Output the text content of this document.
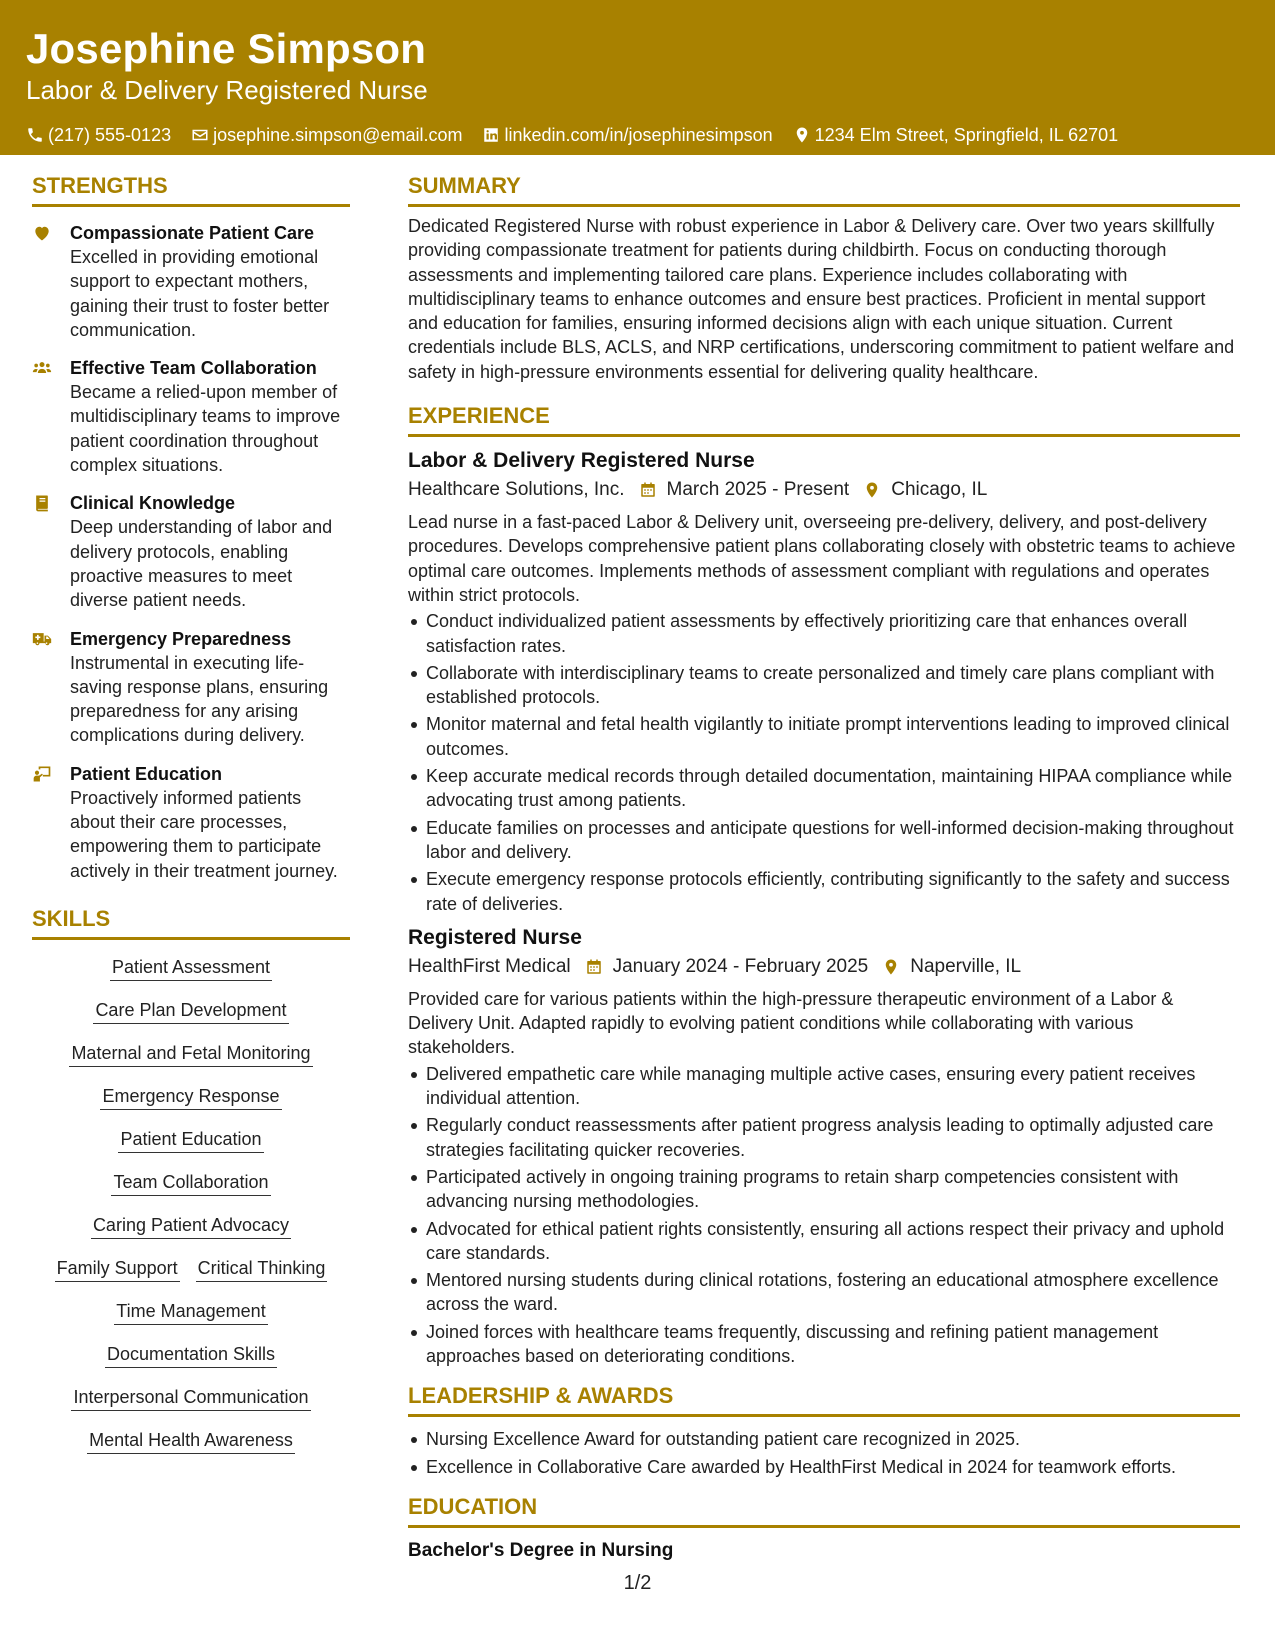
Josephine Simpson
Labor & Delivery Registered Nurse
(217) 555-0123 josephine.simpson@email.com linkedin.com/in/josephinesimpson 1234 Elm Street, Springfield, IL 62701
STRENGTHS
Compassionate Patient Care
Excelled in providing emotional support to expectant mothers, gaining their trust to foster better communication.
Effective Team Collaboration
Became a relied-upon member of multidisciplinary teams to improve patient coordination throughout complex situations.
Clinical Knowledge
Deep understanding of labor and delivery protocols, enabling proactive measures to meet diverse patient needs.
Emergency Preparedness
Instrumental in executing life-saving response plans, ensuring preparedness for any arising complications during delivery.
Patient Education
Proactively informed patients about their care processes, empowering them to participate actively in their treatment journey.
SKILLS
Patient Assessment
Care Plan Development
Maternal and Fetal Monitoring
Emergency Response
Patient Education
Team Collaboration
Caring Patient Advocacy
Family Support Critical Thinking
Time Management
Documentation Skills
Interpersonal Communication
Mental Health Awareness
SUMMARY
Dedicated Registered Nurse with robust experience in Labor & Delivery care. Over two years skillfully providing compassionate treatment for patients during childbirth. Focus on conducting thorough assessments and implementing tailored care plans. Experience includes collaborating with multidisciplinary teams to enhance outcomes and ensure best practices. Proficient in mental support and education for families, ensuring informed decisions align with each unique situation. Current credentials include BLS, ACLS, and NRP certifications, underscoring commitment to patient welfare and safety in high-pressure environments essential for delivering quality healthcare.
EXPERIENCE
Labor & Delivery Registered Nurse
Healthcare Solutions, Inc. March 2025 - Present Chicago, IL
Lead nurse in a fast-paced Labor & Delivery unit, overseeing pre-delivery, delivery, and post-delivery procedures. Develops comprehensive patient plans collaborating closely with obstetric teams to achieve optimal care outcomes. Implements methods of assessment compliant with regulations and operates within strict protocols.
Conduct individualized patient assessments by effectively prioritizing care that enhances overall satisfaction rates.
Collaborate with interdisciplinary teams to create personalized and timely care plans compliant with established protocols.
Monitor maternal and fetal health vigilantly to initiate prompt interventions leading to improved clinical outcomes.
Keep accurate medical records through detailed documentation, maintaining HIPAA compliance while advocating trust among patients.
Educate families on processes and anticipate questions for well-informed decision-making throughout labor and delivery.
Execute emergency response protocols efficiently, contributing significantly to the safety and success rate of deliveries.
Registered Nurse
HealthFirst Medical January 2024 - February 2025 Naperville, IL
Provided care for various patients within the high-pressure therapeutic environment of a Labor & Delivery Unit. Adapted rapidly to evolving patient conditions while collaborating with various stakeholders.
Delivered empathetic care while managing multiple active cases, ensuring every patient receives individual attention.
Regularly conduct reassessments after patient progress analysis leading to optimally adjusted care strategies facilitating quicker recoveries.
Participated actively in ongoing training programs to retain sharp competencies consistent with advancing nursing methodologies.
Advocated for ethical patient rights consistently, ensuring all actions respect their privacy and uphold care standards.
Mentored nursing students during clinical rotations, fostering an educational atmosphere excellence across the ward.
Joined forces with healthcare teams frequently, discussing and refining patient management approaches based on deteriorating conditions.
LEADERSHIP & AWARDS
Nursing Excellence Award for outstanding patient care recognized in 2025.
Excellence in Collaborative Care awarded by HealthFirst Medical in 2024 for teamwork efforts.
EDUCATION
Bachelor's Degree in Nursing
1/2
